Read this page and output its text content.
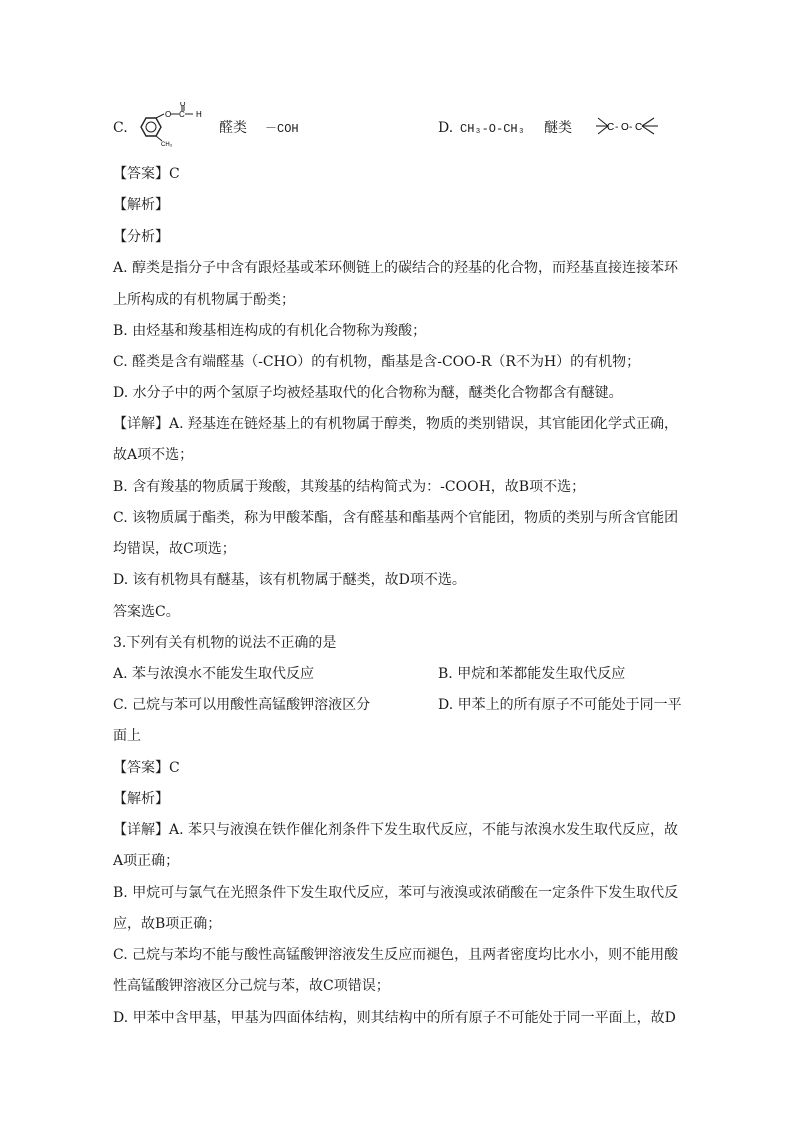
C.
O C
O
H
CH₃
醛类 －COH	D. CH₃-O-CH₃ 醚类	C - O - C
【答案】C
【解析】
【分析】
A. 醇类是指分子中含有跟烃基或苯环侧链上的碳结合的羟基的化合物，而羟基直接连接苯环
上所构成的有机物属于酚类；
B. 由烃基和羧基相连构成的有机化合物称为羧酸；
C. 醛类是含有端醛基（-CHO）的有机物，酯基是含-COO-R（R不为H）的有机物；
D. 水分子中的两个氢原子均被烃基取代的化合物称为醚，醚类化合物都含有醚键。
【详解】A. 羟基连在链烃基上的有机物属于醇类，物质的类别错误，其官能团化学式正确，
故A项不选；
B. 含有羧基的物质属于羧酸，其羧基的结构简式为：-COOH，故B项不选；
C. 该物质属于酯类，称为甲酸苯酯，含有醛基和酯基两个官能团，物质的类别与所含官能团
均错误，故C项选；
D. 该有机物具有醚基，该有机物属于醚类，故D项不选。
答案选C。
3.下列有关有机物的说法不正确的是
A. 苯与浓溴水不能发生取代反应	B. 甲烷和苯都能发生取代反应
C. 己烷与苯可以用酸性高锰酸钾溶液区分	D. 甲苯上的所有原子不可能处于同一平
面上
【答案】C
【解析】
【详解】A. 苯只与液溴在铁作催化剂条件下发生取代反应，不能与浓溴水发生取代反应，故
A项正确；
B. 甲烷可与氯气在光照条件下发生取代反应，苯可与液溴或浓硝酸在一定条件下发生取代反
应，故B项正确；
C. 己烷与苯均不能与酸性高锰酸钾溶液发生反应而褪色，且两者密度均比水小，则不能用酸
性高锰酸钾溶液区分己烷与苯，故C项错误；
D. 甲苯中含甲基，甲基为四面体结构，则其结构中的所有原子不可能处于同一平面上，故D
